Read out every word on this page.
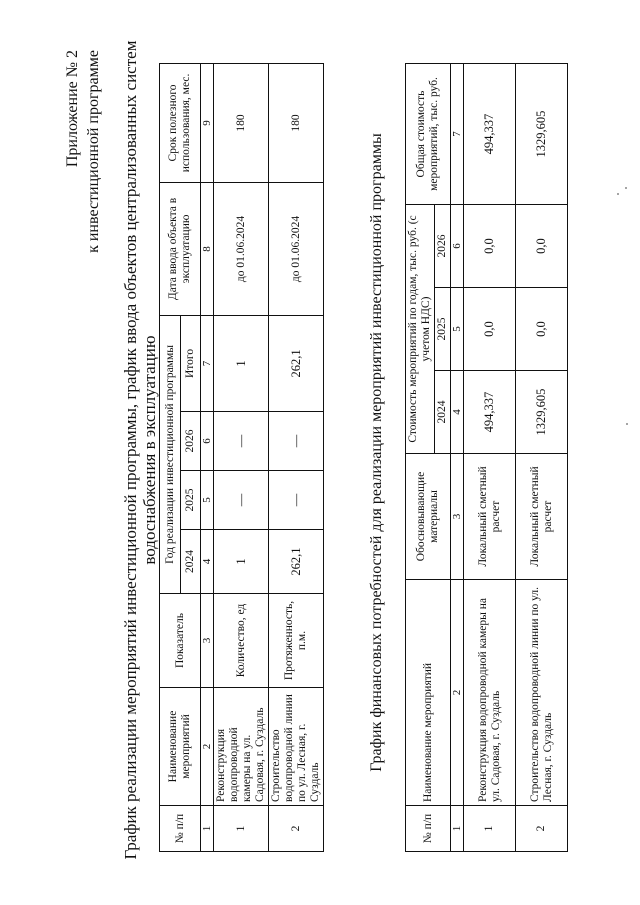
Приложение № 2 к инвестиционной программе График реализации мероприятий инвестиционной программы, график ввода объектов централизованных систем водоснабжения в эксплуатацию
№ п/п	Наименование мероприятий	Показатель	Год реализации инвестиционной программы				Дата ввода объекта в эксплуатацию	Срок полезного использования, мес.
			2024	2025	2026	Итого		
1	2	3	4	5	6	7	8	9
1	Реконструкция водопроводной камеры на ул. Садовая, г. Суздаль	Количество, ед	1	—	—	1	до 01.06.2024	180
2	Строительство водопроводной линии по ул. Лесная, г. Суздаль	Протяженность, п.м.	262,1	—	—	262,1	до 01.06.2024	180
График финансовых потребностей для реализации мероприятий инвестиционной программы
№ п/п	Наименование мероприятий	Обосновывающие материалы	Стоимость мероприятий по годам, тыс. руб. (с учетом НДС)			Общая стоимость мероприятий, тыс. руб.
			2024	2025	2026	
1	2	3	4	5	6	7
1	Реконструкция водопроводной камеры на ул. Садовая, г. Суздаль	Локальный сметный расчет	494,337	0,0	0,0	494,337
2	Строительство водопроводной линии по ул. Лесная, г. Суздаль	Локальный сметный расчет	1329,605	0,0	0,0	1329,605
